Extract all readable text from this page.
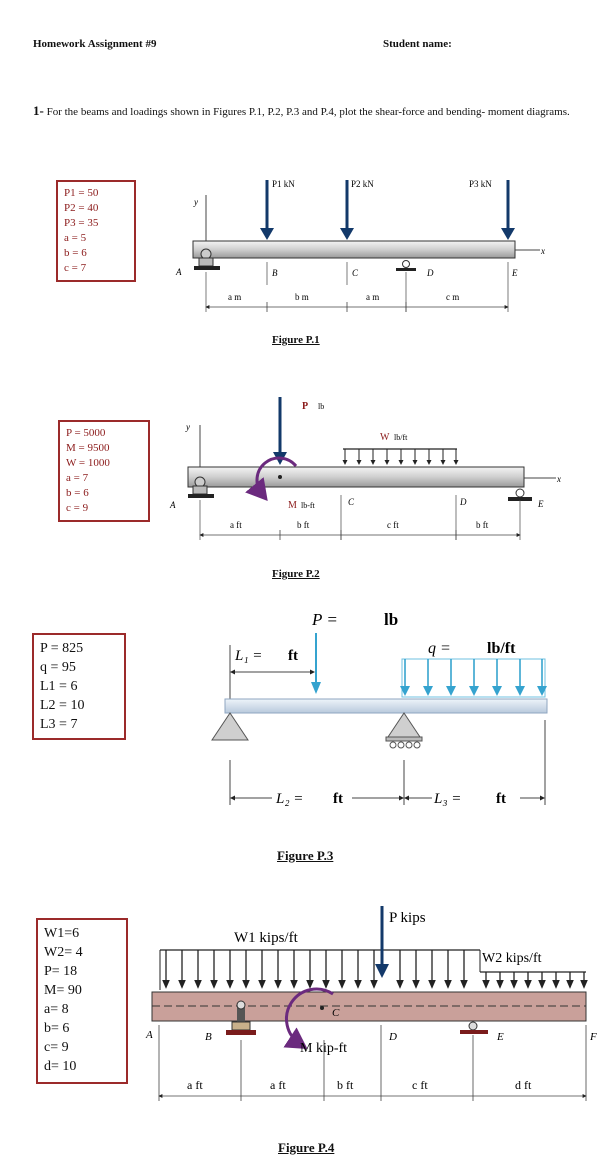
Homework Assignment #9	Student name:
1- For the beams and loadings shown in Figures P.1, P.2, P.3 and P.4, plot the shear-force and bending- moment diagrams.
P1 = 50
P2 = 40
P3 = 35
a = 5
b = 6
c = 7
P = 5000
M = 9500
W = 1000
a = 7
b = 6
c = 9
P = 825
q = 95
L1 = 6
L2 = 10
L3 = 7
W1=6
W2= 4
P= 18
M= 90
a= 8
b= 6
c= 9
d= 10
y
x
P1 kN	P2 kN	P3 kN
A	B	C	D	E
a m	b m	a m	c m
y
x
P lb
M lb-ft
W lb/ft
A	C	D	E
a ft	b ft	c ft	b ft
P =	lb
q = lb/ft
L₁ = ft
L₂ = ft	L₃ = ft
W1 kips/ft
W2 kips/ft
P kips
M kip-ft
A	B
C
D	E	F
a ft	a ft	b ft	c ft	d ft
Figure P.1
Figure P.2
Figure P.3
Figure P.4
